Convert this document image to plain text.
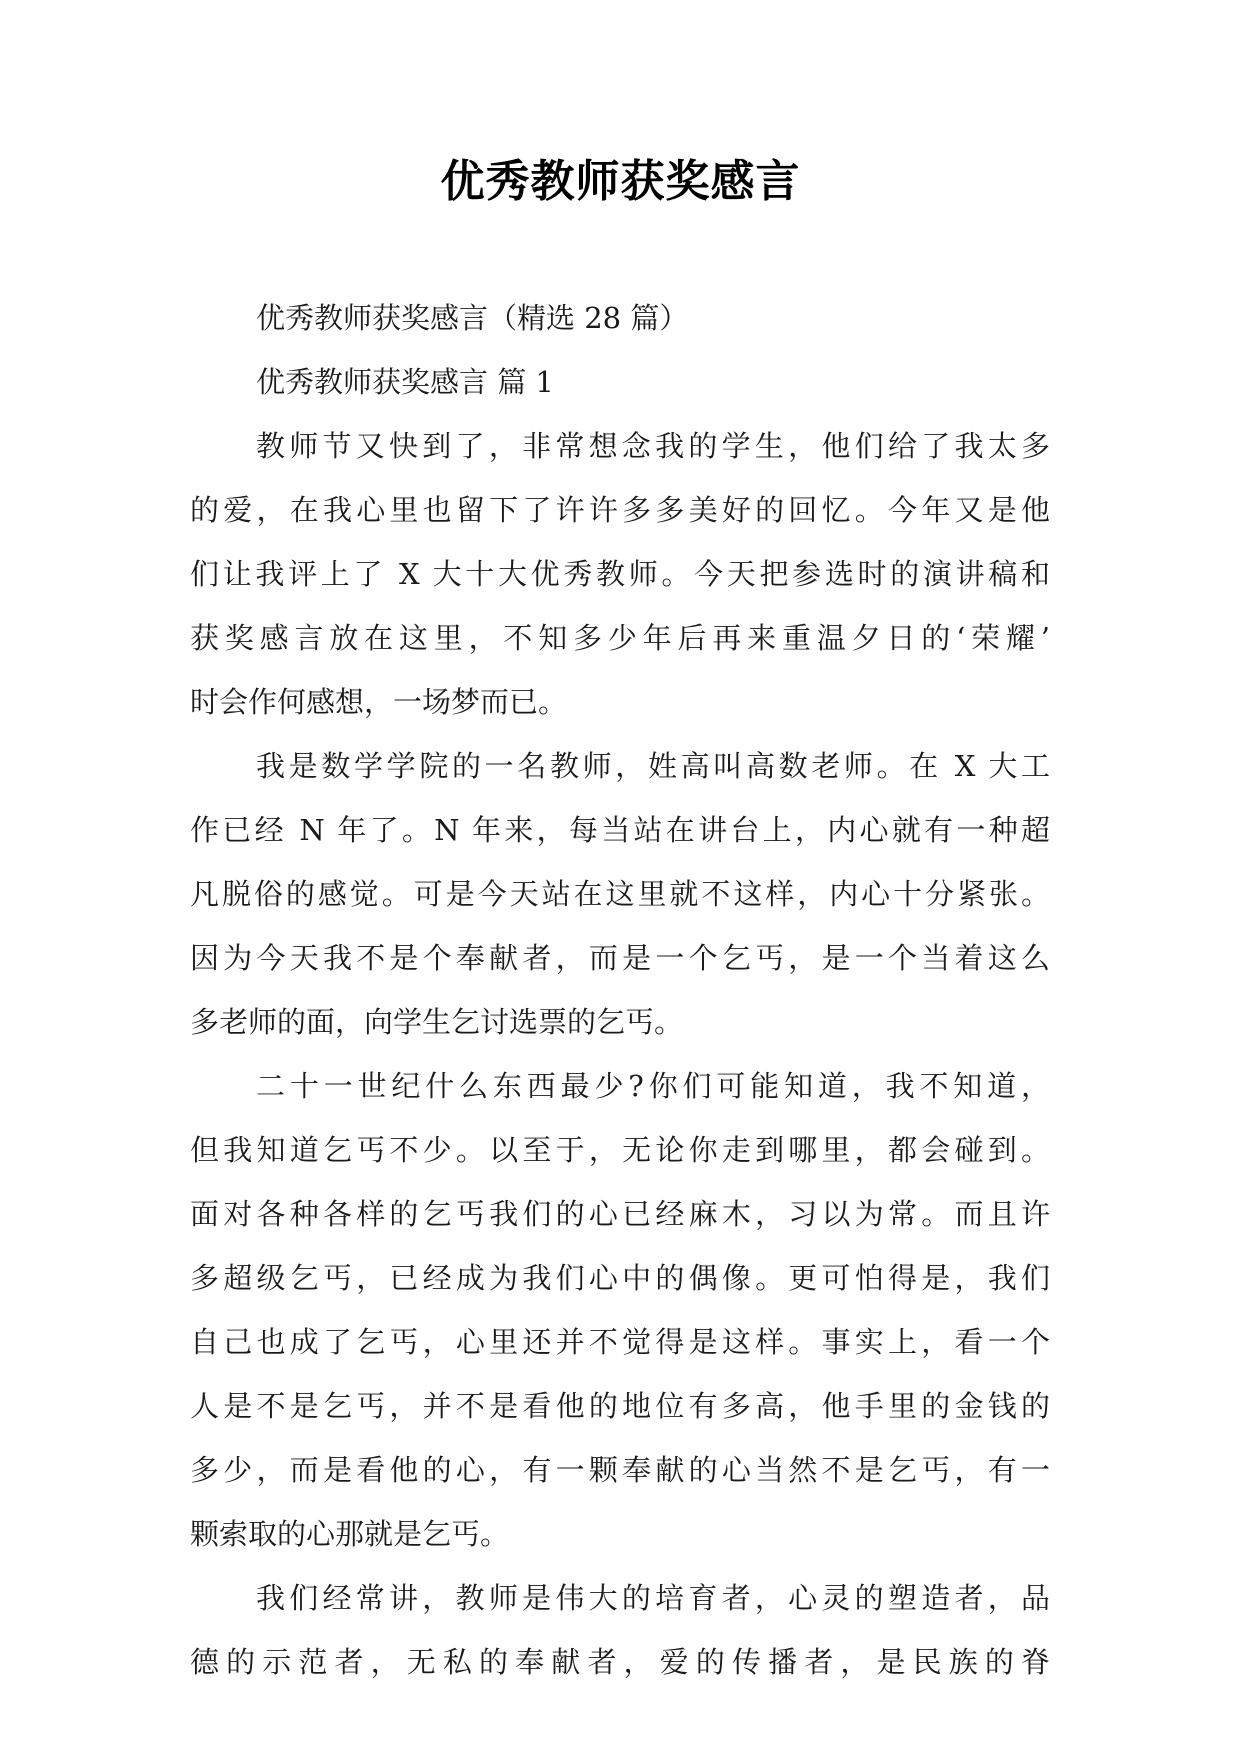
优秀教师获奖感言

优秀教师获奖感言（精选 28 篇）

优秀教师获奖感言 篇 1

教师节又快到了，非常想念我的学生，他们给了我太多
的爱，在我心里也留下了许许多多美好的回忆。今年又是他
们让我评上了 X 大十大优秀教师。今天把参选时的演讲稿和
获奖感言放在这里，不知多少年后再来重温夕日的‘荣耀’
时会作何感想，一场梦而已。
我是数学学院的一名教师，姓高叫高数老师。在 X 大工
作已经 N 年了。N 年来，每当站在讲台上，内心就有一种超
凡脱俗的感觉。可是今天站在这里就不这样，内心十分紧张。
因为今天我不是个奉献者，而是一个乞丐，是一个当着这么
多老师的面，向学生乞讨选票的乞丐。
二十一世纪什么东西最少?你们可能知道，我不知道，
但我知道乞丐不少。以至于，无论你走到哪里，都会碰到。
面对各种各样的乞丐我们的心已经麻木，习以为常。而且许
多超级乞丐，已经成为我们心中的偶像。更可怕得是，我们
自己也成了乞丐，心里还并不觉得是这样。事实上，看一个
人是不是乞丐，并不是看他的地位有多高，他手里的金钱的
多少，而是看他的心，有一颗奉献的心当然不是乞丐，有一
颗索取的心那就是乞丐。
我们经常讲，教师是伟大的培育者，心灵的塑造者，品
德的示范者，无私的奉献者，爱的传播者，是民族的脊
